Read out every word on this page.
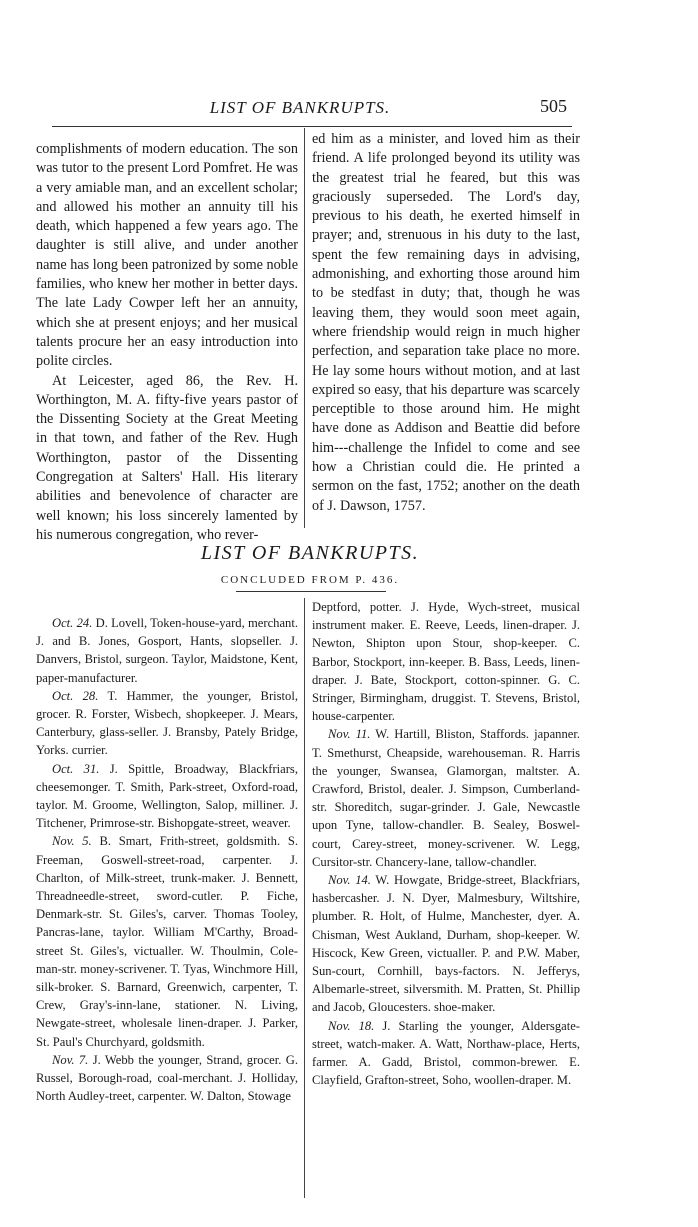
LIST OF BANKRUPTS.	505

complishments of modern education. The son was tutor to the present Lord Pomfret. He was a very amiable man, and an excellent scholar; and allowed his mother an annuity till his death, which happened a few years ago. The daughter is still alive, and under another name has long been patronized by some noble families, who knew her mother in better days. The late Lady Cowper left her an annuity, which she at present enjoys; and her musical talents procure her an easy introduction into polite circles.

At Leicester, aged 86, the Rev. H. Worthington, M. A. fifty-five years pastor of the Dissenting Society at the Great Meeting in that town, and father of the Rev. Hugh Worthington, pastor of the Dissenting Congregation at Salters' Hall. His literary abilities and benevolence of character are well known; his loss sincerely lamented by his numerous congregation, who rever-

ed him as a minister, and loved him as their friend. A life prolonged beyond its utility was the greatest trial he feared, but this was graciously superseded. The Lord's day, previous to his death, he exerted himself in prayer; and, strenuous in his duty to the last, spent the few remaining days in advising, admonishing, and exhorting those around him to be stedfast in duty; that, though he was leaving them, they would soon meet again, where friendship would reign in much higher perfection, and separation take place no more. He lay some hours without motion, and at last expired so easy, that his departure was scarcely perceptible to those around him. He might have done as Addison and Beattie did before him---challenge the Infidel to come and see how a Christian could die. He printed a sermon on the fast, 1752; another on the death of J. Dawson, 1757.

LIST OF BANKRUPTS.
CONCLUDED FROM P. 436.

Oct. 24. D. Lovell, Token-house-yard, merchant. J. and B. Jones, Gosport, Hants, slopseller. J. Danvers, Bristol, surgeon. Taylor, Maidstone, Kent, paper-manufacturer.

Oct. 28. T. Hammer, the younger, Bristol, grocer. R. Forster, Wisbech, shopkeeper. J. Mears, Canterbury, glass-seller. J. Bransby, Pately Bridge, Yorks. currier.

Oct. 31. J. Spittle, Broadway, Blackfriars, cheesemonger. T. Smith, Park-street, Oxford-road, taylor. M. Groome, Wellington, Salop, milliner. J. Titchener, Primrose-str. Bishopgate-street, weaver.

Nov. 5. B. Smart, Frith-street, goldsmith. S. Freeman, Goswell-street-road, carpenter. J. Charlton, of Milk-street, trunk-maker. J. Bennett, Threadneedle-street, sword-cutler. P. Fiche, Denmark-str. St. Giles's, carver. Thomas Tooley, Pancras-lane, taylor. William M'Carthy, Broad-street St. Giles's, victualler. W. Thoulmin, Cole-man-str. money-scrivener. T. Tyas, Winchmore Hill, silk-broker. S. Barnard, Greenwich, carpenter, T. Crew, Gray's-inn-lane, stationer. N. Living, Newgate-street, wholesale linen-draper. J. Parker, St. Paul's Churchyard, goldsmith.

Nov. 7. J. Webb the younger, Strand, grocer. G. Russel, Borough-road, coal-merchant. J. Holliday, North Audley-treet, carpenter. W. Dalton, Stowage

Deptford, potter. J. Hyde, Wych-street, musical instrument maker. E. Reeve, Leeds, linen-draper. J. Newton, Shipton upon Stour, shop-keeper. C. Barbor, Stockport, inn-keeper. B. Bass, Leeds, linen-draper. J. Bate, Stockport, cotton-spinner. G. C. Stringer, Birmingham, druggist. T. Stevens, Bristol, house-carpenter.

Nov. 11. W. Hartill, Bliston, Staffords. japanner. T. Smethurst, Cheapside, warehouseman. R. Harris the younger, Swansea, Glamorgan, maltster. A. Crawford, Bristol, dealer. J. Simpson, Cumberland-str. Shoreditch, sugar-grinder. J. Gale, Newcastle upon Tyne, tallow-chandler. B. Sealey, Boswel-court, Carey-street, money-scrivener. W. Legg, Cursitor-str. Chancery-lane, tallow-chandler.

Nov. 14. W. Howgate, Bridge-street, Blackfriars, hasbercasher. J. N. Dyer, Malmesbury, Wiltshire, plumber. R. Holt, of Hulme, Manchester, dyer. A. Chisman, West Aukland, Durham, shop-keeper. W. Hiscock, Kew Green, victualler. P. and P.W. Maber, Sun-court, Cornhill, bays-factors. N. Jefferys, Albemarle-street, silversmith. M. Pratten, St. Phillip and Jacob, Gloucesters. shoe-maker.

Nov. 18. J. Starling the younger, Aldersgate-street, watch-maker. A. Watt, Northaw-place, Herts, farmer. A. Gadd, Bristol, common-brewer. E. Clayfield, Grafton-street, Soho, woollen-draper. M.
